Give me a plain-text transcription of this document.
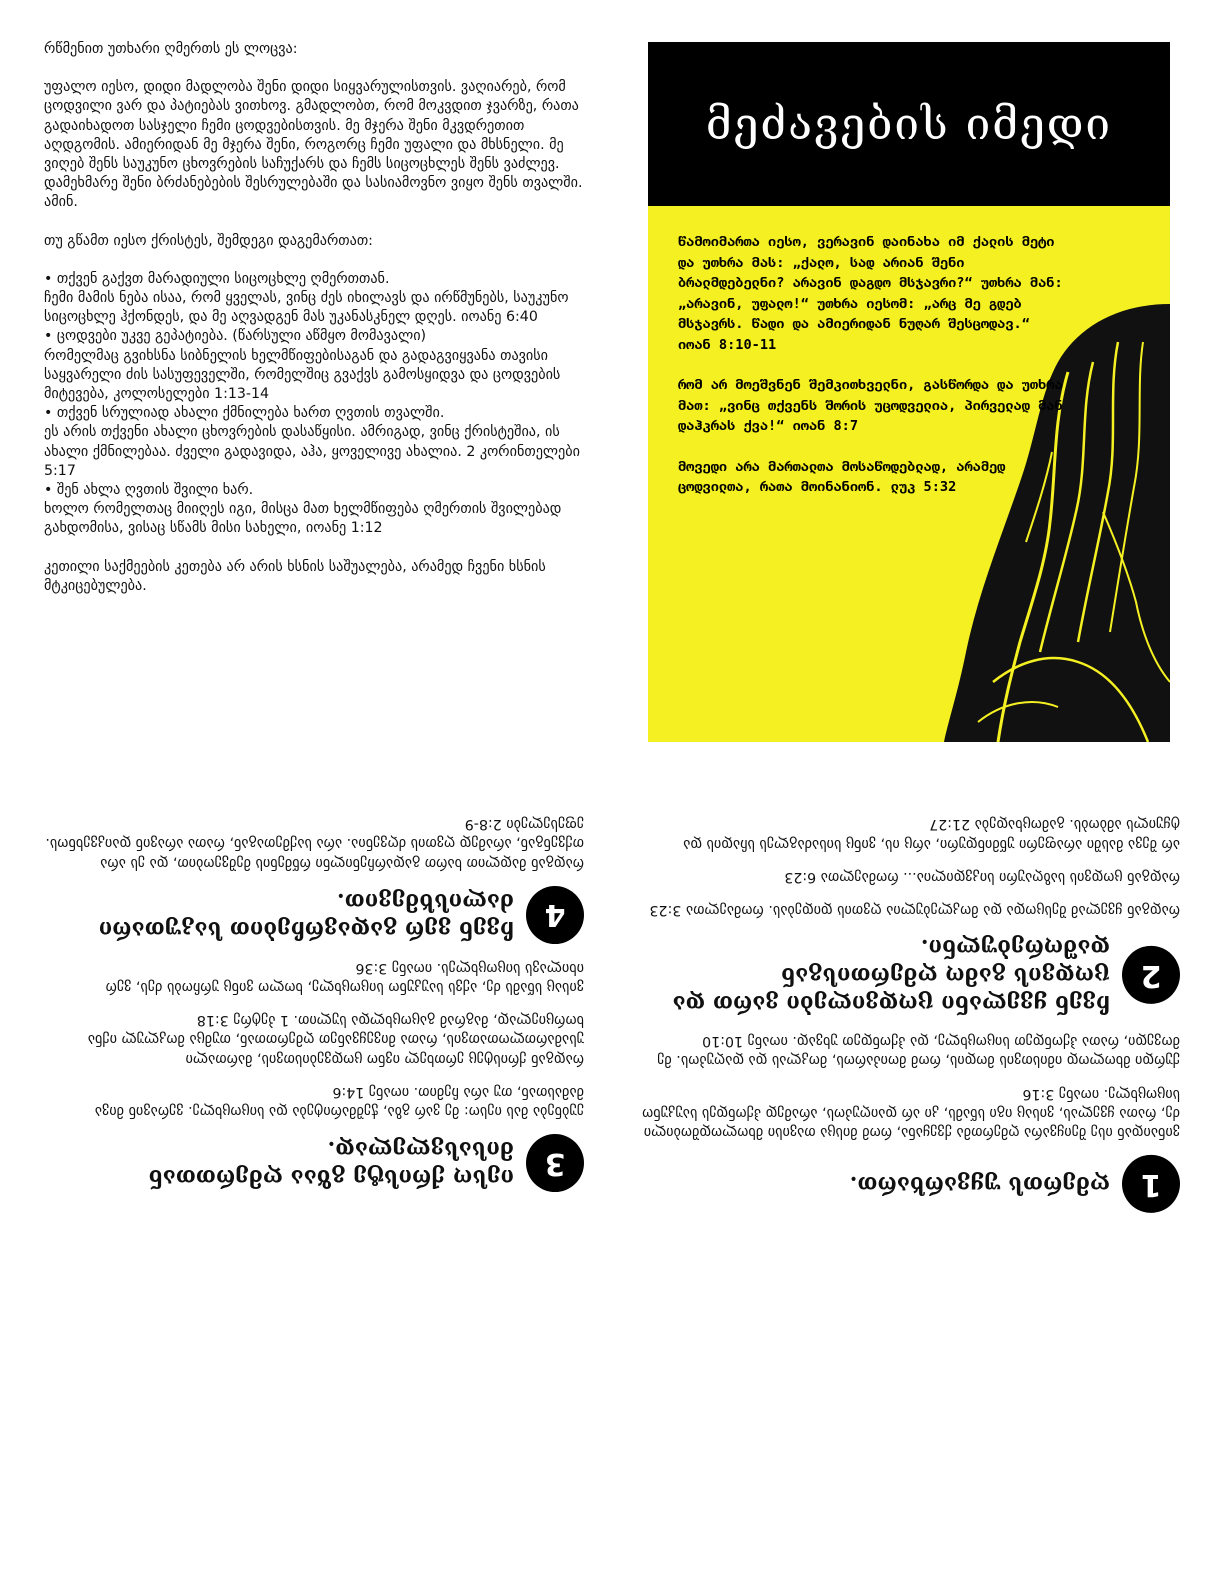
რწმენით უთხარი ღმერთს ეს ლოცვა:

უფალო იესო, დიდი მადლობა შენი დიდი სიყვარულისთვის. ვაღიარებ, რომ ცოდვილი ვარ და პატიებას ვითხოვ. გმადლობთ, რომ მოკვდით ჯვარზე, რათა გადაიხადოთ სასჯელი ჩემი ცოდვებისთვის. მე მჯერა შენი მკვდრეთით აღდგომის. ამიერიდან მე მჯერა შენი, როგორც ჩემი უფალი და მხსნელი. მე ვიღებ შენს საუკუნო ცხოვრების საჩუქარს და ჩემს სიცოცხლეს შენს ვაძლევ. დამეხმარე შენი ბრძანებების შესრულებაში და სასიამოვნო ვიყო შენს თვალში. ამინ.

თუ გწამთ იესო ქრისტეს, შემდეგი დაგემართათ:

• თქვენ გაქვთ მარადიული სიცოცხლე ღმერთთან.
ჩემი მამის ნება ისაა, რომ ყველას, ვინც ძეს იხილავს და ირწმუნებს, საუკუნო სიცოცხლე ჰქონდეს, და მე აღვადგენ მას უკანასკნელ დღეს. იოანე 6:40
• ცოდვები უკვე გეპატიება. (წარსული აწმყო მომავალი)
რომელმაც გვიხსნა სიბნელის ხელმწიფებისაგან და გადაგვიყვანა თავისი საყვარელი ძის სასუფეველში, რომელშიც გვაქვს გამოსყიდვა და ცოდვების მიტევება, კოლოსელები 1:13-14
• თქვენ სრულიად ახალი ქმნილება ხართ ღვთის თვალში.
ეს არის თქვენი ახალი ცხოვრების დასაწყისი. ამრიგად, ვინც ქრისტეშია, ის ახალი ქმნილებაა. ძველი გადავიდა, აჰა, ყოველივე ახალია. 2 კორინთელები 5:17
• შენ ახლა ღვთის შვილი ხარ.
ხოლო რომელთაც მიიღეს იგი, მისცა მათ ხელმწიფება ღმერთის შვილებად გახდომისა, ვისაც სწამს მისი სახელი, იოანე 1:12

კეთილი საქმეების კეთება არ არის ხსნის საშუალება, არამედ ჩვენი ხსნის მტკიცებულება.

მეძავების იმედი

წამოიმართა იესო, ვერავინ დაინახა იმ ქალის მეტი და უთხრა მას: „ქალო, სად არიან შენი ბრალმდებელნი? არავინ დაგდო მსჯავრი?“ უთხრა მან: „არავინ, უფალო!“ უთხრა იესომ: „არც მე გდებ მსჯავრს. წადი და ამიერიდან ნუღარ შესცოდავ.“ იოან 8:10-11

რომ არ მოეშვნენ შემკითხველნი, გასწორდა და უთხრა მათ: „ვინც თქვენს შორის უცოდველია, პირველად მან დაჰკრას ქვა!“ იოან 8:7

მოვედი არა მართალთა მოსაწოდებლად, არამედ ცოდვილთა, რათა მოინანიონ. ლუკ 5:32

3
იესო ქრისტე გზაა ღმერთთან მისასვლელად.

ეუბნება მას იესო: მე ვარ გზა, ჭეშმარიტება და სიცოცხლე. ვერავინ მივა მამასთან, თუ არა ჩემით. იოანე 14:6

რადგან ქრისტეც ერთხელ ივნო ცოდვებისთვის, მართალი უსამართლოთათვის, რათა მივეყვანეთ ღმერთთან, თუმცა მოკლულ იქნა ხორციელად, მაგრამ გაცოცხლდა სულით. 1 პეტრე 3:18

ვისაც სწამს ძე, აქვს საუკუნო სიცოცხლე, ხოლო ვინც ურჩობს ძეს, ვერ იხილავს სიცოცხლეს. იოანე 3:36

4
ჩვენ ვერ გადავრჩებით საკუთარი ძალისხმევით.

რადგან მადლით ხართ გადარჩენილნი რწმენის მეშვეობით, და ეს არა თქვენგან, არამედ ღვთის ძღვენია. არა საქმეთაგან, რათა არავინ დაიკვეხნოს. ეფესელები 2:8-9

1
ღმერთს უყვარხართ.

ვინაიდან ისე შეიყვარა ღმერთმა ქვეყანა, რომ მისცა თავისი მხოლოდშობილი ძე, რათა ყველას, ვისაც იგი სწამს, კი არ დაიღუპოს, არამედ ჰქონდეს საუკუნო სიცოცხლე. იოანე 3:16

ქურდი მხოლოდ იმისთვის მოდის, რომ მოიპაროს, მოკლას და დაღუპოს. მე მოვედი, რათა ჰქონდეთ სიცოცხლე, და ჰქონდეთ უხვად. იოანე 10:10

2
ჩვენ ყველანი ცოდვილები ვართ და ცოდვის გამო ღმერთისგან დაშორებულნი.

რადგან ყველამ შესცოდა და მოკლებულია ღვთის დიდებას. რომაელთა 3:23

რადგან ცოდვის საზღაური სიკვდილია... რომაელთა 6:23

არ შევა მასში არაფერი უწმინდური, არც ის, ვინც სისაძაგლეს სჩადის და ტყუილს ამბობს. გამოცხადება 21:27
